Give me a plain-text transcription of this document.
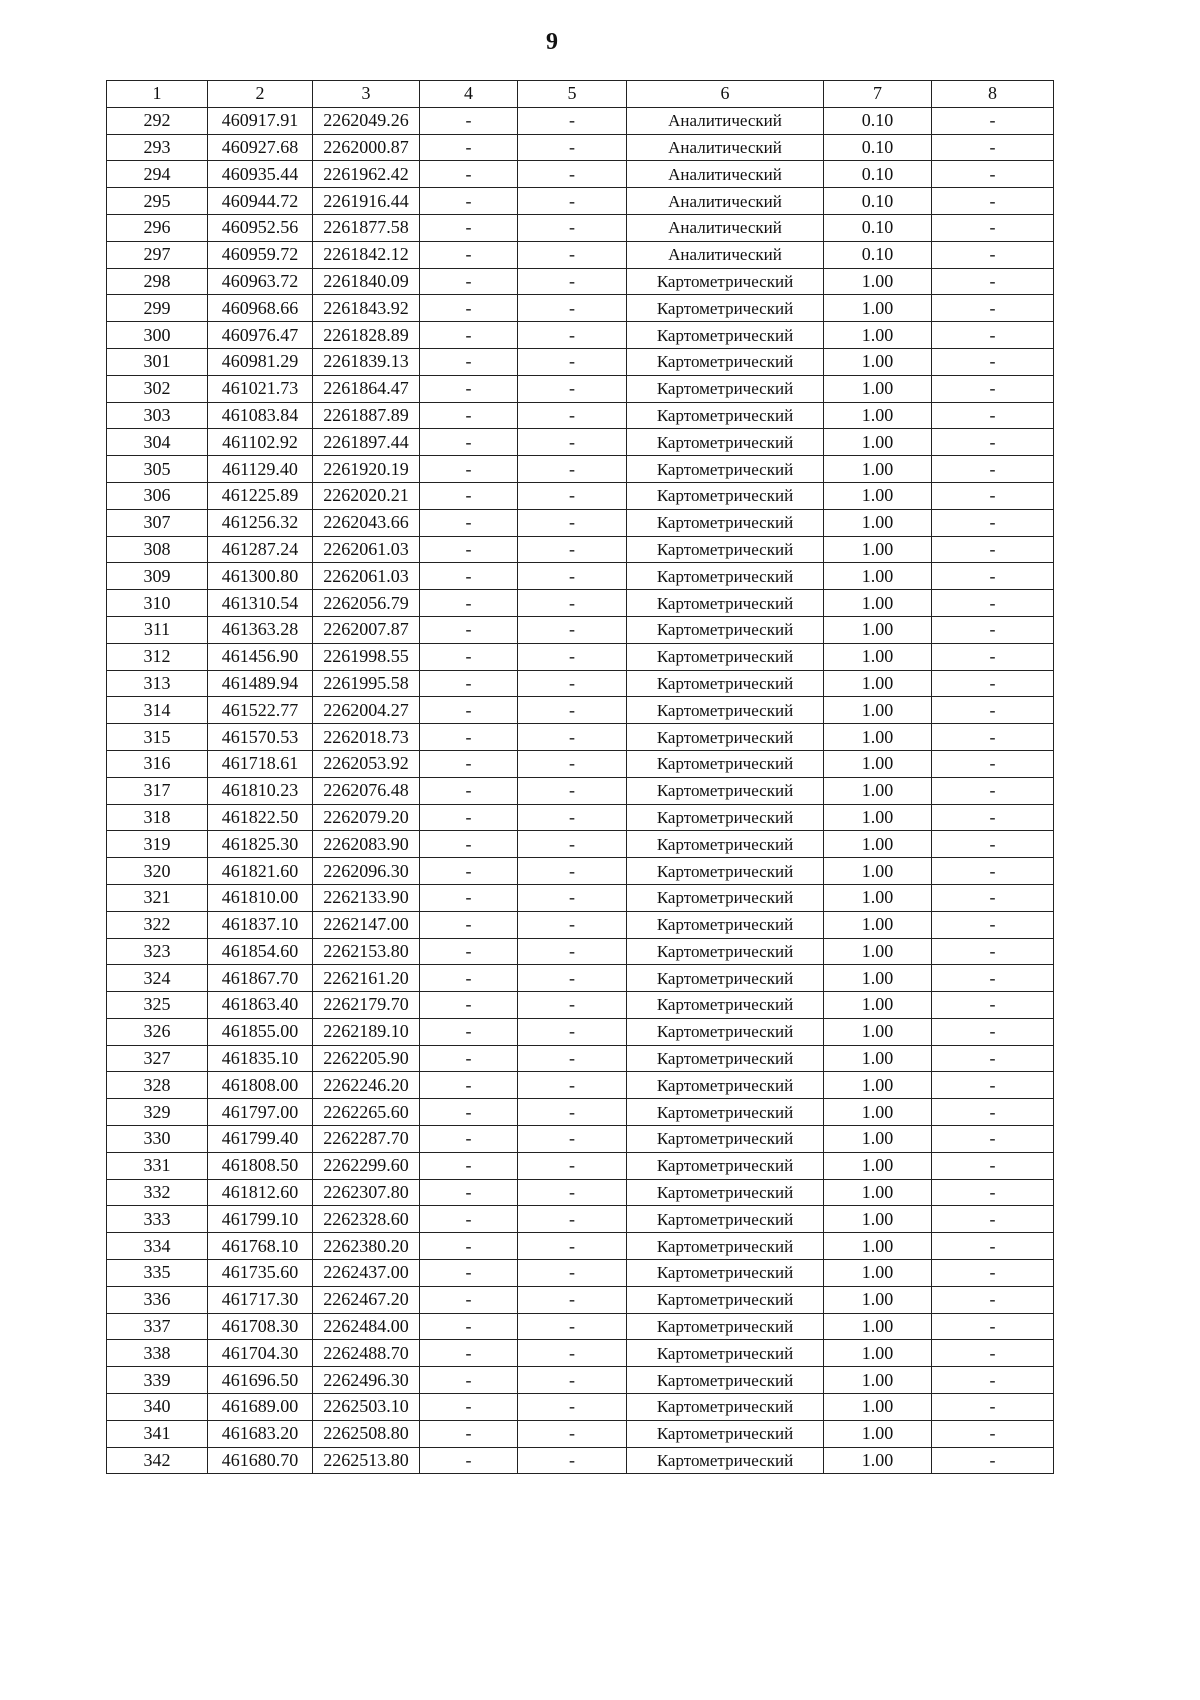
9
1	2	3	4	5	6	7	8
292	460917.91	2262049.26	-	-	Аналитический	0.10	-
293	460927.68	2262000.87	-	-	Аналитический	0.10	-
294	460935.44	2261962.42	-	-	Аналитический	0.10	-
295	460944.72	2261916.44	-	-	Аналитический	0.10	-
296	460952.56	2261877.58	-	-	Аналитический	0.10	-
297	460959.72	2261842.12	-	-	Аналитический	0.10	-
298	460963.72	2261840.09	-	-	Картометрический	1.00	-
299	460968.66	2261843.92	-	-	Картометрический	1.00	-
300	460976.47	2261828.89	-	-	Картометрический	1.00	-
301	460981.29	2261839.13	-	-	Картометрический	1.00	-
302	461021.73	2261864.47	-	-	Картометрический	1.00	-
303	461083.84	2261887.89	-	-	Картометрический	1.00	-
304	461102.92	2261897.44	-	-	Картометрический	1.00	-
305	461129.40	2261920.19	-	-	Картометрический	1.00	-
306	461225.89	2262020.21	-	-	Картометрический	1.00	-
307	461256.32	2262043.66	-	-	Картометрический	1.00	-
308	461287.24	2262061.03	-	-	Картометрический	1.00	-
309	461300.80	2262061.03	-	-	Картометрический	1.00	-
310	461310.54	2262056.79	-	-	Картометрический	1.00	-
311	461363.28	2262007.87	-	-	Картометрический	1.00	-
312	461456.90	2261998.55	-	-	Картометрический	1.00	-
313	461489.94	2261995.58	-	-	Картометрический	1.00	-
314	461522.77	2262004.27	-	-	Картометрический	1.00	-
315	461570.53	2262018.73	-	-	Картометрический	1.00	-
316	461718.61	2262053.92	-	-	Картометрический	1.00	-
317	461810.23	2262076.48	-	-	Картометрический	1.00	-
318	461822.50	2262079.20	-	-	Картометрический	1.00	-
319	461825.30	2262083.90	-	-	Картометрический	1.00	-
320	461821.60	2262096.30	-	-	Картометрический	1.00	-
321	461810.00	2262133.90	-	-	Картометрический	1.00	-
322	461837.10	2262147.00	-	-	Картометрический	1.00	-
323	461854.60	2262153.80	-	-	Картометрический	1.00	-
324	461867.70	2262161.20	-	-	Картометрический	1.00	-
325	461863.40	2262179.70	-	-	Картометрический	1.00	-
326	461855.00	2262189.10	-	-	Картометрический	1.00	-
327	461835.10	2262205.90	-	-	Картометрический	1.00	-
328	461808.00	2262246.20	-	-	Картометрический	1.00	-
329	461797.00	2262265.60	-	-	Картометрический	1.00	-
330	461799.40	2262287.70	-	-	Картометрический	1.00	-
331	461808.50	2262299.60	-	-	Картометрический	1.00	-
332	461812.60	2262307.80	-	-	Картометрический	1.00	-
333	461799.10	2262328.60	-	-	Картометрический	1.00	-
334	461768.10	2262380.20	-	-	Картометрический	1.00	-
335	461735.60	2262437.00	-	-	Картометрический	1.00	-
336	461717.30	2262467.20	-	-	Картометрический	1.00	-
337	461708.30	2262484.00	-	-	Картометрический	1.00	-
338	461704.30	2262488.70	-	-	Картометрический	1.00	-
339	461696.50	2262496.30	-	-	Картометрический	1.00	-
340	461689.00	2262503.10	-	-	Картометрический	1.00	-
341	461683.20	2262508.80	-	-	Картометрический	1.00	-
342	461680.70	2262513.80	-	-	Картометрический	1.00	-
